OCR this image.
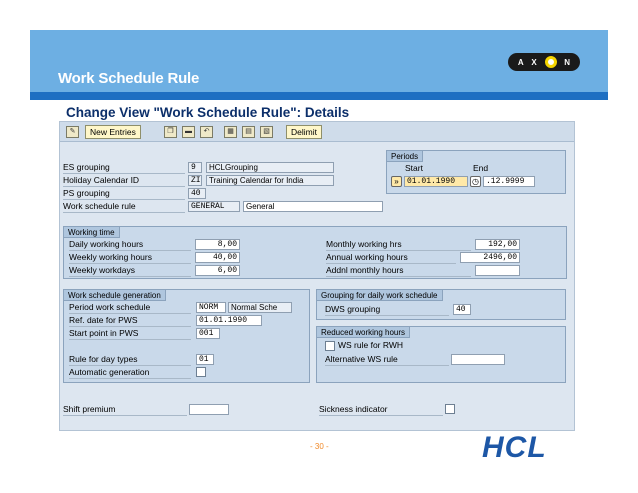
Work Schedule Rule
A X	N
Change View "Work Schedule Rule": Details
✎	New Entries	❐	▬	↶	▦	▤	▧	Delimit
ES grouping	9	HCLGrouping
Holiday Calendar ID	ZI	Training Calendar for India
PS grouping	40
Work schedule rule	GENERAL	General
Periods
Start	End
»	01.01.1990	◷ .12.9999
Working time
Daily working hours	8,00
Weekly working hours	40,00
Weekly workdays	6,00
Monthly working hrs	192,00
Annual working hours	2496,00
Addnl monthly hours
Work schedule generation
Period work schedule	NORM	Normal Sche
Ref. date for PWS	01.01.1990
Start point in PWS	001
Rule for day types	01
Automatic generation
Grouping for daily work schedule
DWS grouping	40
Reduced working hours
WS rule for RWH
Alternative WS rule
Shift premium	Sickness indicator
- 30 -	HCL
